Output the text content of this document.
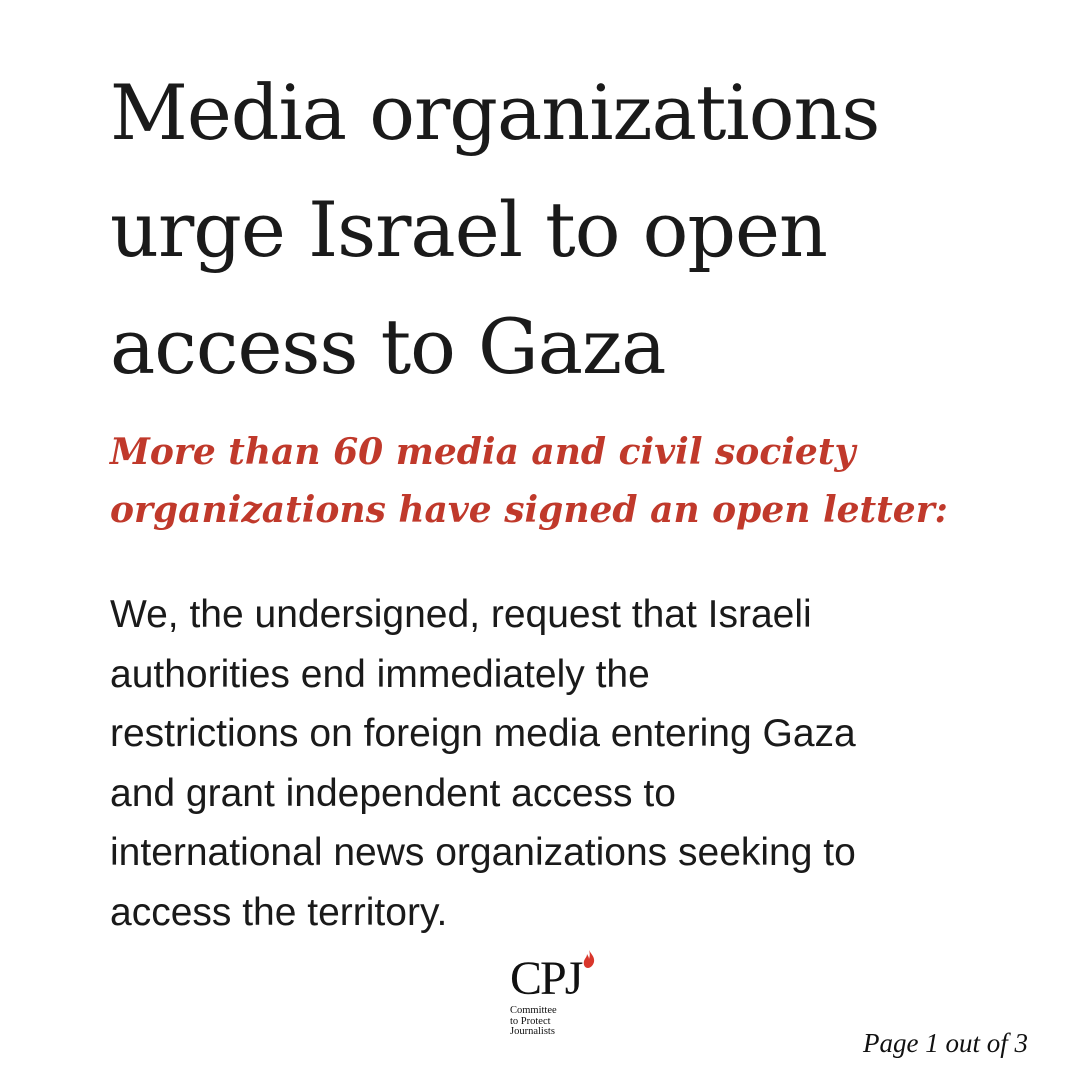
Media organizations
urge Israel to open
access to Gaza
More than 60 media and civil society
organizations have signed an open letter:

We, the undersigned, request that Israeli
authorities end immediately the
restrictions on foreign media entering Gaza
and grant independent access to
international news organizations seeking to
access the territory.

CPJ
Committee
to Protect
Journalists	Page 1 out of 3
